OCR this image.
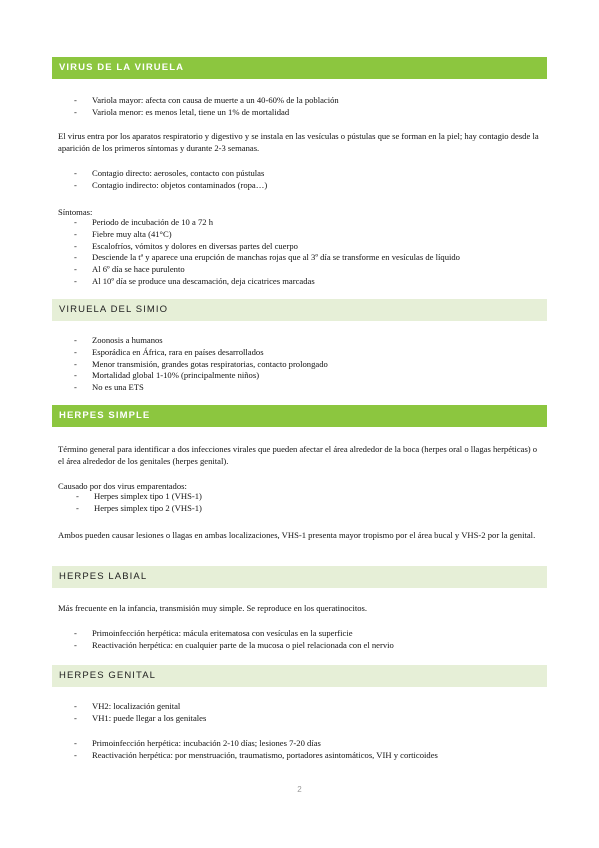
VIRUS DE LA VIRUELA
- Variola mayor: afecta con causa de muerte a un 40-60% de la población
- Variola menor: es menos letal, tiene un 1% de mortalidad

El virus entra por los aparatos respiratorio y digestivo y se instala en las vesículas o pústulas que se forman en la piel; hay contagio desde la aparición de los primeros síntomas y durante 2-3 semanas.

- Contagio directo: aerosoles, contacto con pústulas
- Contagio indirecto: objetos contaminados (ropa…)

Síntomas:

- Periodo de incubación de 10 a 72 h
- Fiebre muy alta (41°C)
- Escalofríos, vómitos y dolores en diversas partes del cuerpo
- Desciende la tª y aparece una erupción de manchas rojas que al 3º día se transforme en vesículas de líquido
- Al 6º día se hace purulento
- Al 10º día se produce una descamación, deja cicatrices marcadas
VIRUELA DEL SIMIO
- Zoonosis a humanos
- Esporádica en África, rara en países desarrollados
- Menor transmisión, grandes gotas respiratorias, contacto prolongado
- Mortalidad global 1-10% (principalmente niños)
- No es una ETS
HERPES SIMPLE

Término general para identificar a dos infecciones virales que pueden afectar el área alrededor de la boca (herpes oral o llagas herpéticas) o el área alrededor de los genitales (herpes genital).

Causado por dos virus emparentados:

- Herpes simplex tipo 1 (VHS-1)
- Herpes simplex tipo 2 (VHS-1)

Ambos pueden causar lesiones o llagas en ambas localizaciones, VHS-1 presenta mayor tropismo por el área bucal y VHS-2 por la genital.

HERPES LABIAL

Más frecuente en la infancia, transmisión muy simple. Se reproduce en los queratinocitos.

- Primoinfección herpética: mácula eritematosa con vesículas en la superficie
- Reactivación herpética: en cualquier parte de la mucosa o piel relacionada con el nervio
HERPES GENITAL
- VH2: localización genital
- VH1: puede llegar a los genitales
- Primoinfección herpética: incubación 2-10 días; lesiones 7-20 días
- Reactivación herpética: por menstruación, traumatismo, portadores asintomáticos, VIH y corticoides
2
